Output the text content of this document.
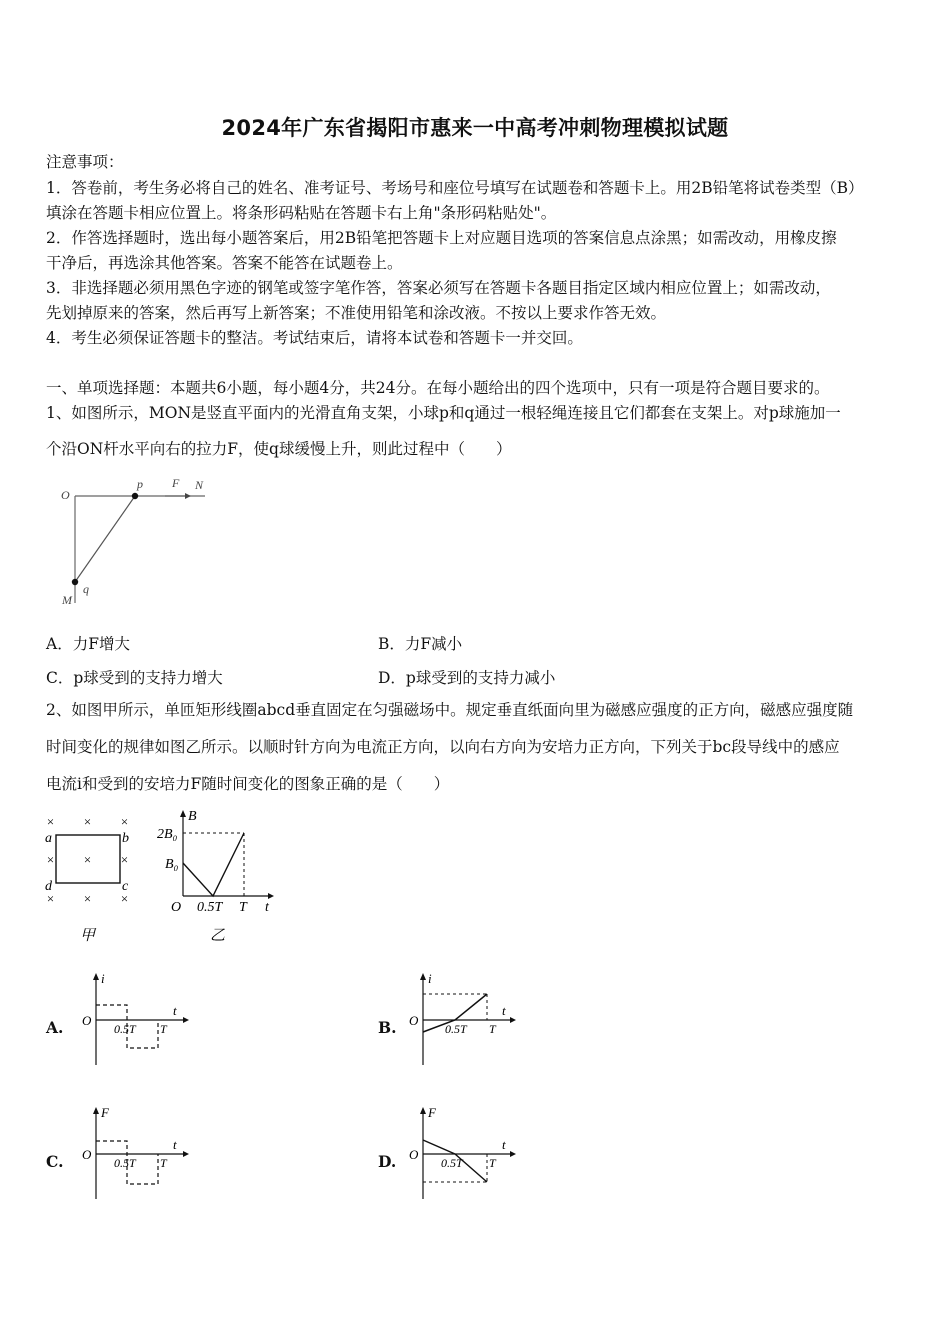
2024年广东省揭阳市惠来一中高考冲刺物理模拟试题
注意事项：
1．答卷前，考生务必将自己的姓名、准考证号、考场号和座位号填写在试题卷和答题卡上。用2B铅笔将试卷类型（B）
填涂在答题卡相应位置上。将条形码粘贴在答题卡右上角"条形码粘贴处"。
2．作答选择题时，选出每小题答案后，用2B铅笔把答题卡上对应题目选项的答案信息点涂黑；如需改动，用橡皮擦
干净后，再选涂其他答案。答案不能答在试题卷上。
3．非选择题必须用黑色字迹的钢笔或签字笔作答，答案必须写在答题卡各题目指定区域内相应位置上；如需改动，
先划掉原来的答案，然后再写上新答案；不准使用铅笔和涂改液。不按以上要求作答无效。
4．考生必须保证答题卡的整洁。考试结束后，请将本试卷和答题卡一并交回。
一、单项选择题：本题共6小题，每小题4分，共24分。在每小题给出的四个选项中，只有一项是符合题目要求的。
1、如图所示，MON是竖直平面内的光滑直角支架，小球p和q通过一根轻绳连接且它们都套在支架上。对p球施加一
个沿ON杆水平向右的拉力F，使q球缓慢上升，则此过程中（　　）
O
p F N
M
q
A．力F增大	B．力F减小
C．p球受到的支持力增大	D．p球受到的支持力减小
2、如图甲所示，单匝矩形线圈abcd垂直固定在匀强磁场中。规定垂直纸面向里为磁感应强度的正方向，磁感应强度随
时间变化的规律如图乙所示。以顺时针方向为电流正方向，以向右方向为安培力正方向，下列关于bc段导线中的感应
电流i和受到的安培力F随时间变化的图象正确的是（　　）
× × ×
× × ×
× × ×
a	b
c
d
甲
B
2B₀
B₀
O 0.5T T t
乙
A.
i
O
0.5T T
t
B.
i
O
0.5T T
t
C.
F
O
0.5T T
t
D.
F
O
0.5T T
t
